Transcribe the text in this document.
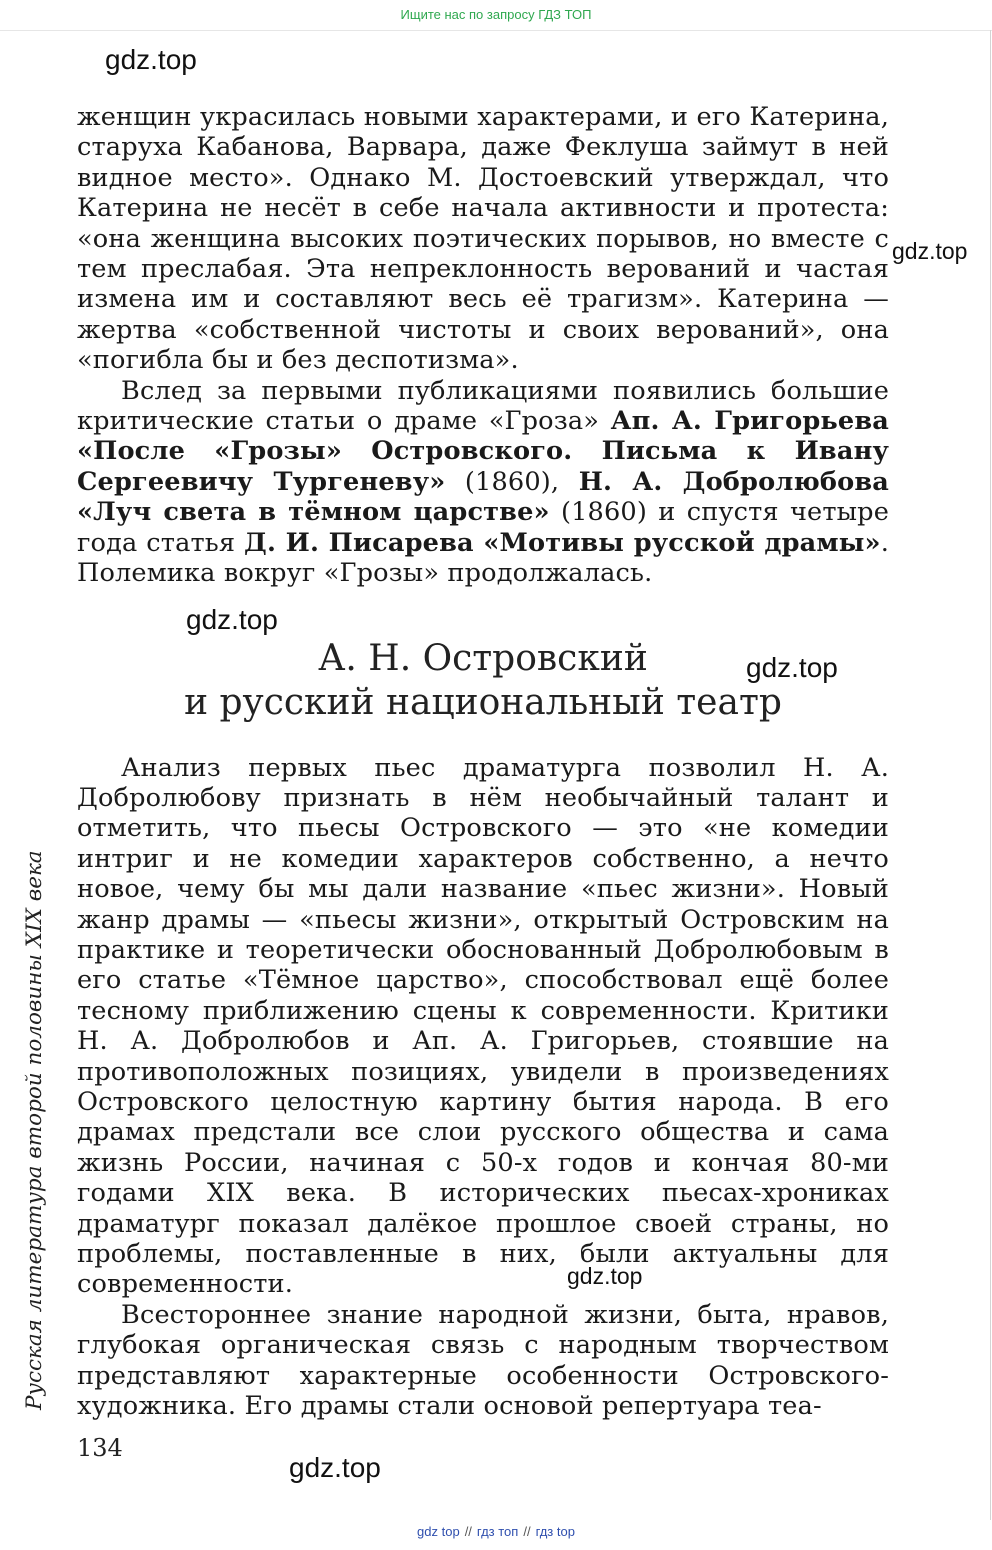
Ищите нас по запросу ГДЗ ТОП
gdz.top
gdz.top
gdz.top
gdz.top
gdz.top
gdz.top

женщин украсилась новыми характерами, и его Катерина, старуха Кабанова, Варвара, даже Феклуша займут в ней видное место». Однако М. Достоевский утверждал, что Катерина не несёт в себе начала активности и протеста: «она женщина высоких поэтических порывов, но вместе с тем преслабая. Эта непреклонность верований и частая измена им и составляют весь её трагизм». Катерина — жертва «собственной чистоты и своих верований», она «погибла бы и без деспотизма».

Вслед за первыми публикациями появились большие критические статьи о драме «Гроза» Ап. А. Григорьева «После «Грозы» Островского. Письма к Ивану Сергеевичу Тургеневу» (1860), Н. А. Добролюбова «Луч света в тёмном царстве» (1860) и спустя четыре года статья Д. И. Писарева «Мотивы русской драмы». Полемика вокруг «Грозы» продолжалась.

А. Н. Островский
и русский национальный театр

Анализ первых пьес драматурга позволил Н. А. Добролюбову признать в нём необычайный талант и отметить, что пьесы Островского — это «не комедии интриг и не комедии характеров собственно, а нечто новое, чему бы мы дали название «пьес жизни». Новый жанр драмы — «пьесы жизни», открытый Островским на практике и теоретически обоснованный Добролюбовым в его статье «Тёмное царство», способствовал ещё более тесному приближению сцены к современности. Критики Н. А. Добролюбов и Ап. А. Григорьев, стоявшие на противоположных позициях, увидели в произведениях Островского целостную картину бытия народа. В его драмах предстали все слои русского общества и сама жизнь России, начиная с 50-х годов и кончая 80-ми годами XIX века. В исторических пьесах-хрониках драматург показал далёкое прошлое своей страны, но проблемы, поставленные в них, были актуальны для современности.

Всестороннее знание народной жизни, быта, нравов, глубокая органическая связь с народным творчеством представляют характерные особенности Островского-художника. Его драмы стали основой репертуара теа-

Русская литература второй половины XIX века
134
gdz top // гдз топ // гдз top
